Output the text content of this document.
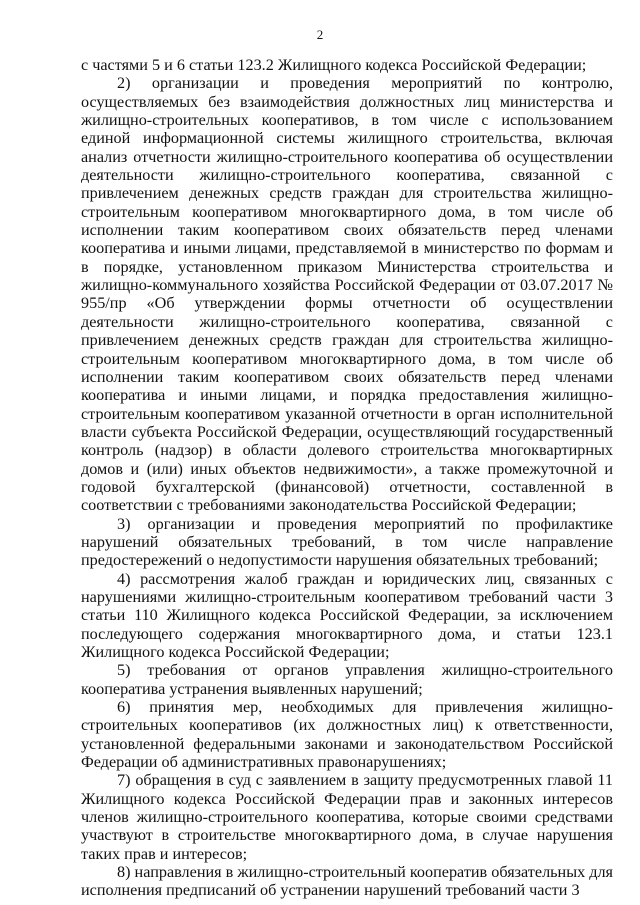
2

с частями 5 и 6 статьи 123.2 Жилищного кодекса Российской Федерации;

2) организации и проведения мероприятий по контролю, осуществляемых без взаимодействия должностных лиц министерства и жилищно-строительных кооперативов, в том числе с использованием единой информационной системы жилищного строительства, включая анализ отчетности жилищно-строительного кооператива об осуществлении деятельности жилищно-строительного кооператива, связанной с привлечением денежных средств граждан для строительства жилищно-строительным кооперативом многоквартирного дома, в том числе об исполнении таким кооперативом своих обязательств перед членами кооператива и иными лицами, представляемой в министерство по формам и в порядке, установленном приказом Министерства строительства и жилищно-коммунального хозяйства Российской Федерации от 03.07.2017 № 955/пр «Об утверждении формы отчетности об осуществлении деятельности жилищно-строительного кооператива, связанной с привлечением денежных средств граждан для строительства жилищно-строительным кооперативом многоквартирного дома, в том числе об исполнении таким кооперативом своих обязательств перед членами кооператива и иными лицами, и порядка предоставления жилищно-строительным кооперативом указанной отчетности в орган исполнительной власти субъекта Российской Федерации, осуществляющий государственный контроль (надзор) в области долевого строительства многоквартирных домов и (или) иных объектов недвижимости», а также промежуточной и годовой бухгалтерской (финансовой) отчетности, составленной в соответствии с требованиями законодательства Российской Федерации;

3) организации и проведения мероприятий по профилактике нарушений обязательных требований, в том числе направление предостережений о недопустимости нарушения обязательных требований;

4) рассмотрения жалоб граждан и юридических лиц, связанных с нарушениями жилищно-строительным кооперативом требований части 3 статьи 110 Жилищного кодекса Российской Федерации, за исключением последующего содержания многоквартирного дома, и статьи 123.1 Жилищного кодекса Российской Федерации;

5) требования от органов управления жилищно-строительного кооператива устранения выявленных нарушений;

6) принятия мер, необходимых для привлечения жилищно-строительных кооперативов (их должностных лиц) к ответственности, установленной федеральными законами и законодательством Российской Федерации об административных правонарушениях;

7) обращения в суд с заявлением в защиту предусмотренных главой 11 Жилищного кодекса Российской Федерации прав и законных интересов членов жилищно-строительного кооператива, которые своими средствами участвуют в строительстве многоквартирного дома, в случае нарушения таких прав и интересов;

8) направления в жилищно-строительный кооператив обязательных для исполнения предписаний об устранении нарушений требований части 3
